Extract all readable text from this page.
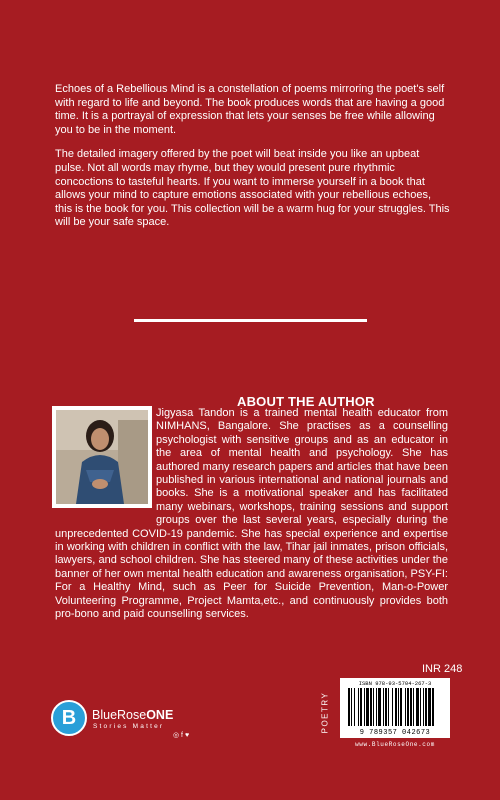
Echoes of a Rebellious Mind is a constellation of poems mirroring the poet's self with regard to life and beyond. The book produces words that are having a good time. It is a portrayal of expression that lets your senses be free while allowing you to be in the moment.

The detailed imagery offered by the poet will beat inside you like an upbeat pulse. Not all words may rhyme, but they would present pure rhythmic concoctions to tasteful hearts. If you want to immerse yourself in a book that allows your mind to capture emotions associated with your rebellious echoes, this is the book for you. This collection will be a warm hug for your struggles. This will be your safe space.

ABOUT THE AUTHOR
Jigyasa Tandon is a trained mental health educator from NIMHANS, Bangalore. She practises as a counselling psychologist with sensitive groups and as an educator in the area of mental health and psychology. She has authored many research papers and articles that have been published in various international and national journals and books. She is a motivational speaker and has facilitated many webinars, workshops, training sessions and support groups over the last several years, especially during the unprecedented COVID-19 pandemic. She has special experience and expertise in working with children in conflict with the law, Tihar jail inmates, prison officials, lawyers, and school children. She has steered many of these activities under the banner of her own mental health education and awareness organisation, PSY-FI: For a Healthy Mind, such as Peer for Suicide Prevention, Man-o-Power Volunteering Programme, Project Mamta,etc., and continuously provides both pro-bono and paid counselling services.
INR 248
POETRY
ISBN 978-93-5704-267-3
9 789357 042673
www.BlueRoseOne.com
B	BlueRoseONE
Stories Matter
◎ f ♥
